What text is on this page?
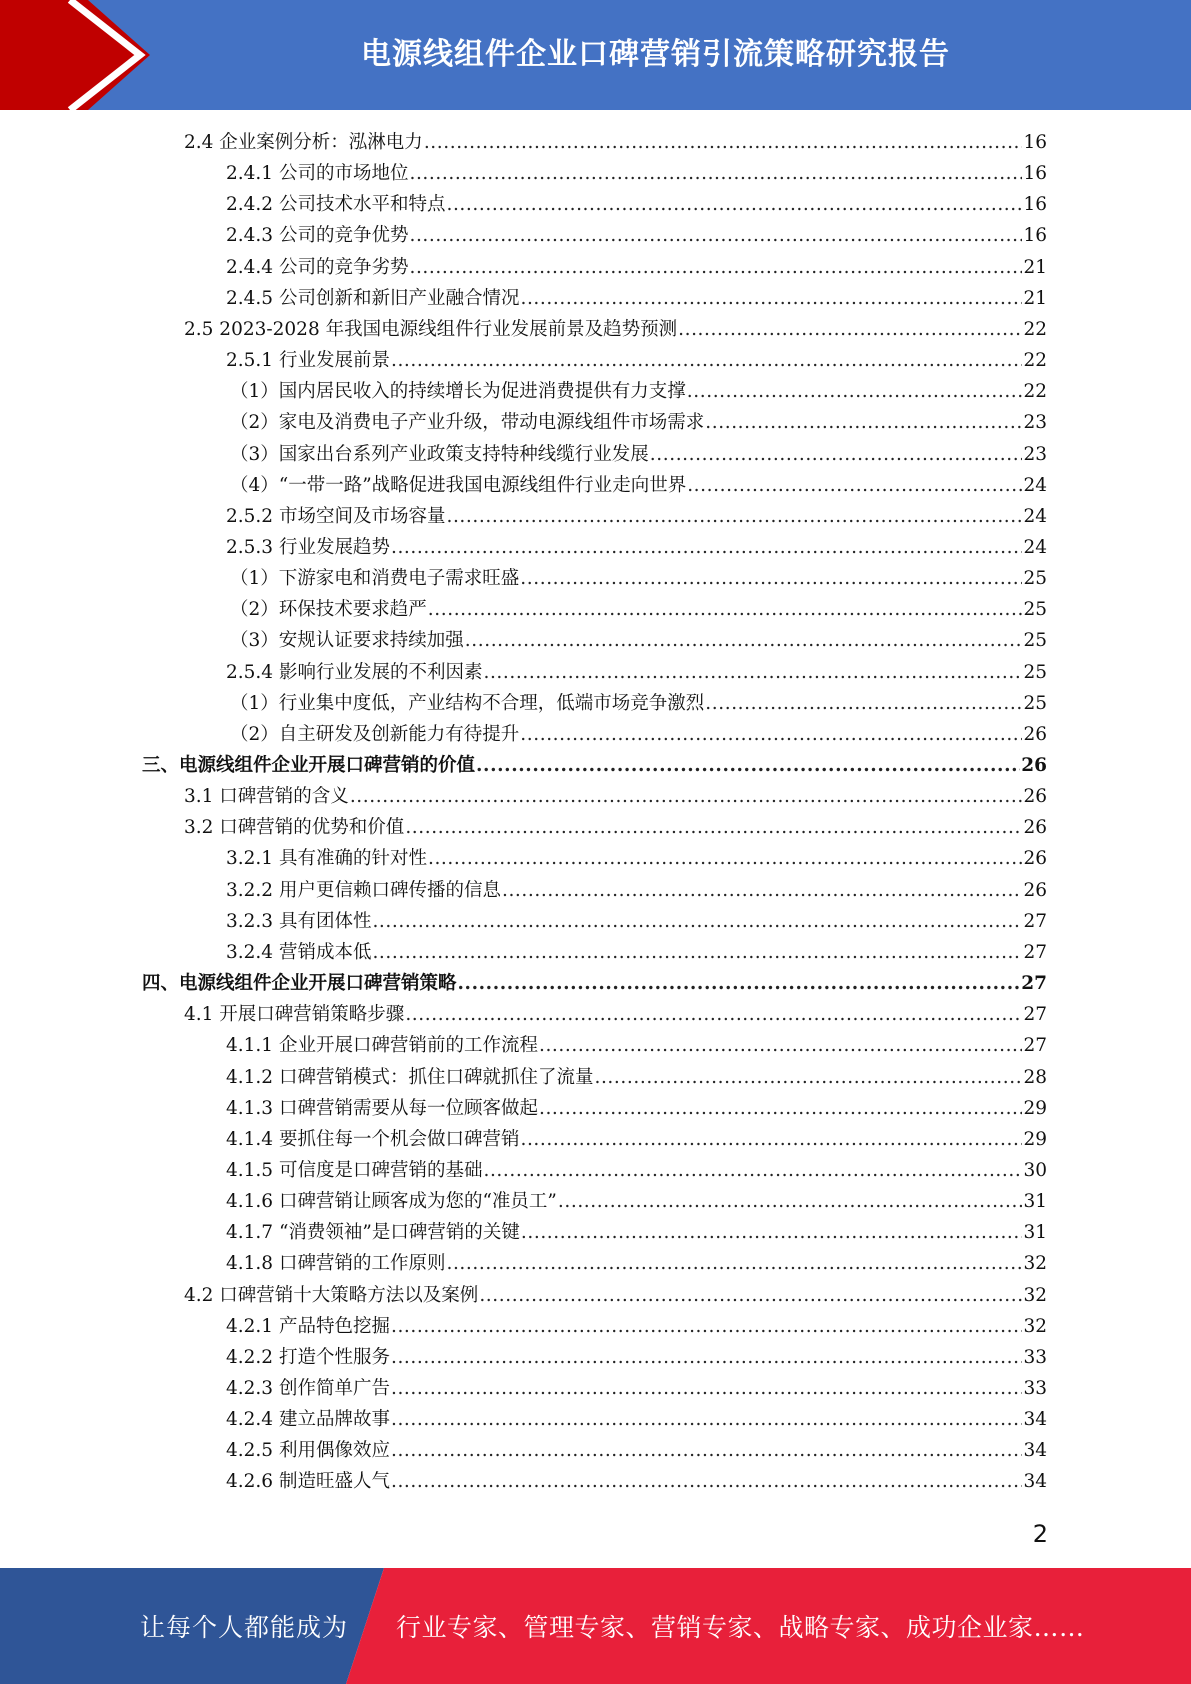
电源线组件企业口碑营销引流策略研究报告
2.4 企业案例分析：泓淋电力 .....	16
2.4.1 公司的市场地位 .....	16
2.4.2 公司技术水平和特点 .....	16
2.4.3 公司的竞争优势 .....	16
2.4.4 公司的竞争劣势 .....	21
2.4.5 公司创新和新旧产业融合情况 .....	21
2.5 2023-2028 年我国电源线组件行业发展前景及趋势预测 .....	22
2.5.1 行业发展前景 .....	22
（1）国内居民收入的持续增长为促进消费提供有力支撑 .....	22
（2）家电及消费电子产业升级，带动电源线组件市场需求 .....	23
（3）国家出台系列产业政策支持特种线缆行业发展 .....	23
（4）“一带一路”战略促进我国电源线组件行业走向世界 .....	24
2.5.2 市场空间及市场容量 .....	24
2.5.3 行业发展趋势 .....	24
（1）下游家电和消费电子需求旺盛 .....	25
（2）环保技术要求趋严 .....	25
（3）安规认证要求持续加强 .....	25
2.5.4 影响行业发展的不利因素 .....	25
（1）行业集中度低，产业结构不合理，低端市场竞争激烈 .....	25
（2）自主研发及创新能力有待提升 .....	26
三、电源线组件企业开展口碑营销的价值 .....	26
3.1 口碑营销的含义 .....	26
3.2 口碑营销的优势和价值 .....	26
3.2.1 具有准确的针对性 .....	26
3.2.2 用户更信赖口碑传播的信息 .....	26
3.2.3 具有团体性 .....	27
3.2.4 营销成本低 .....	27
四、电源线组件企业开展口碑营销策略 .....	27
4.1 开展口碑营销策略步骤 .....	27
4.1.1 企业开展口碑营销前的工作流程 .....	27
4.1.2 口碑营销模式：抓住口碑就抓住了流量 .....	28
4.1.3 口碑营销需要从每一位顾客做起 .....	29
4.1.4 要抓住每一个机会做口碑营销 .....	29
4.1.5 可信度是口碑营销的基础 .....	30
4.1.6 口碑营销让顾客成为您的“准员工” .....	31
4.1.7 “消费领袖”是口碑营销的关键 .....	31
4.1.8 口碑营销的工作原则 .....	32
4.2 口碑营销十大策略方法以及案例 .....	32
4.2.1 产品特色挖掘 .....	32
4.2.2 打造个性服务 .....	33
4.2.3 创作简单广告 .....	33
4.2.4 建立品牌故事 .....	34
4.2.5 利用偶像效应 .....	34
4.2.6 制造旺盛人气 .....	34
2
让每个人都能成为 行业专家、管理专家、营销专家、战略专家、成功企业家……
